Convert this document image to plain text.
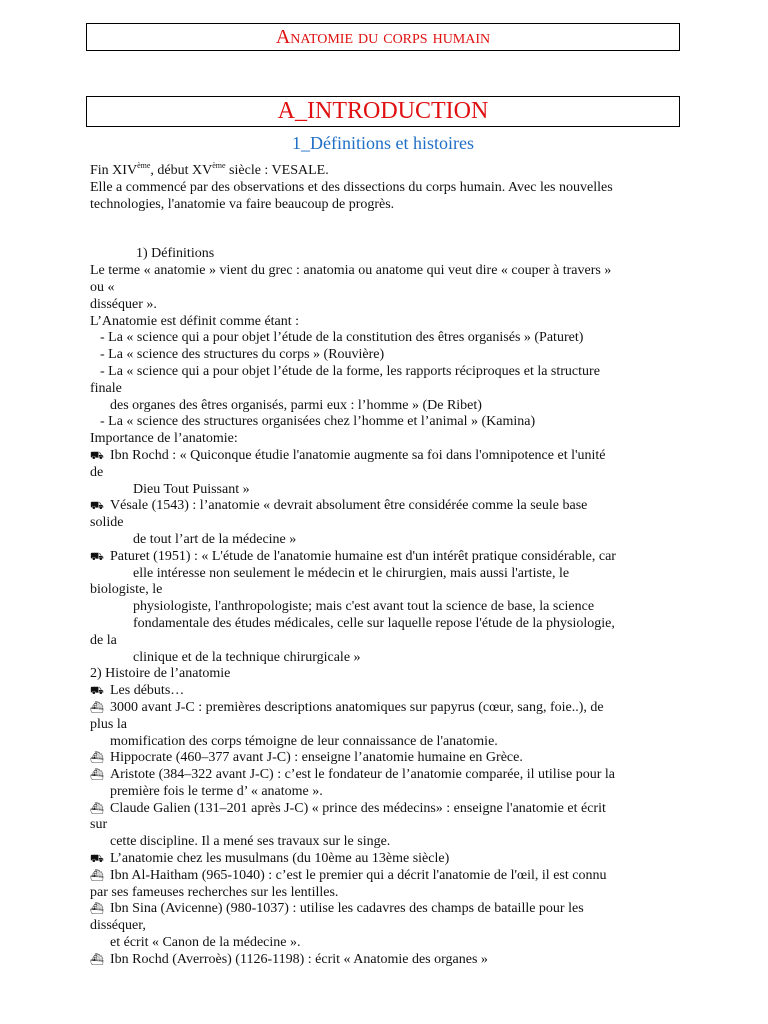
Anatomie du corps humain
A_INTRODUCTION
1_Définitions et histoires

Fin XIVème, début XVème siècle : VESALE.

Elle a commencé par des observations et des dissections du corps humain. Avec les nouvelles

technologies, l'anatomie va faire beaucoup de progrès.

1) Définitions

Le terme « anatomie » vient du grec : anatomia ou anatome qui veut dire « couper à travers »

ou «

disséquer ».

L’Anatomie est définit comme étant :

- La « science qui a pour objet l’étude de la constitution des êtres organisés » (Paturet)

- La « science des structures du corps » (Rouvière)

- La « science qui a pour objet l’étude de la forme, les rapports réciproques et la structure

finale

des organes des êtres organisés, parmi eux : l’homme » (De Ribet)

- La « science des structures organisées chez l’homme et l’animal » (Kamina)

Importance de l’anatomie:

⛟ Ibn Rochd : « Quiconque étudie l'anatomie augmente sa foi dans l'omnipotence et l'unité

de

Dieu Tout Puissant »

⛟ Vésale (1543) : l’anatomie « devrait absolument être considérée comme la seule base

solide

de tout l’art de la médecine »

⛟ Paturet (1951) : « L'étude de l'anatomie humaine est d'un intérêt pratique considérable, car

elle intéresse non seulement le médecin et le chirurgien, mais aussi l'artiste, le

biologiste, le

physiologiste, l'anthropologiste; mais c'est avant tout la science de base, la science

fondamentale des études médicales, celle sur laquelle repose l'étude de la physiologie,

de la

clinique et de la technique chirurgicale »

2) Histoire de l’anatomie

⛟ Les débuts…

⛴ 3000 avant J-C : premières descriptions anatomiques sur papyrus (cœur, sang, foie..), de

plus la

momification des corps témoigne de leur connaissance de l'anatomie.

⛴ Hippocrate (460–377 avant J-C) : enseigne l’anatomie humaine en Grèce.

⛴ Aristote (384–322 avant J-C) : c’est le fondateur de l’anatomie comparée, il utilise pour la

première fois le terme d’ « anatome ».

⛴ Claude Galien (131–201 après J-C) « prince des médecins» : enseigne l'anatomie et écrit

sur

cette discipline. Il a mené ses travaux sur le singe.

⛟ L’anatomie chez les musulmans (du 10ème au 13ème siècle)

⛴ Ibn Al-Haitham (965-1040) : c’est le premier qui a décrit l'anatomie de l'œil, il est connu

par ses fameuses recherches sur les lentilles.

⛴ Ibn Sina (Avicenne) (980-1037) : utilise les cadavres des champs de bataille pour les

disséquer,

et écrit « Canon de la médecine ».

⛴ Ibn Rochd (Averroès) (1126-1198) : écrit « Anatomie des organes »
